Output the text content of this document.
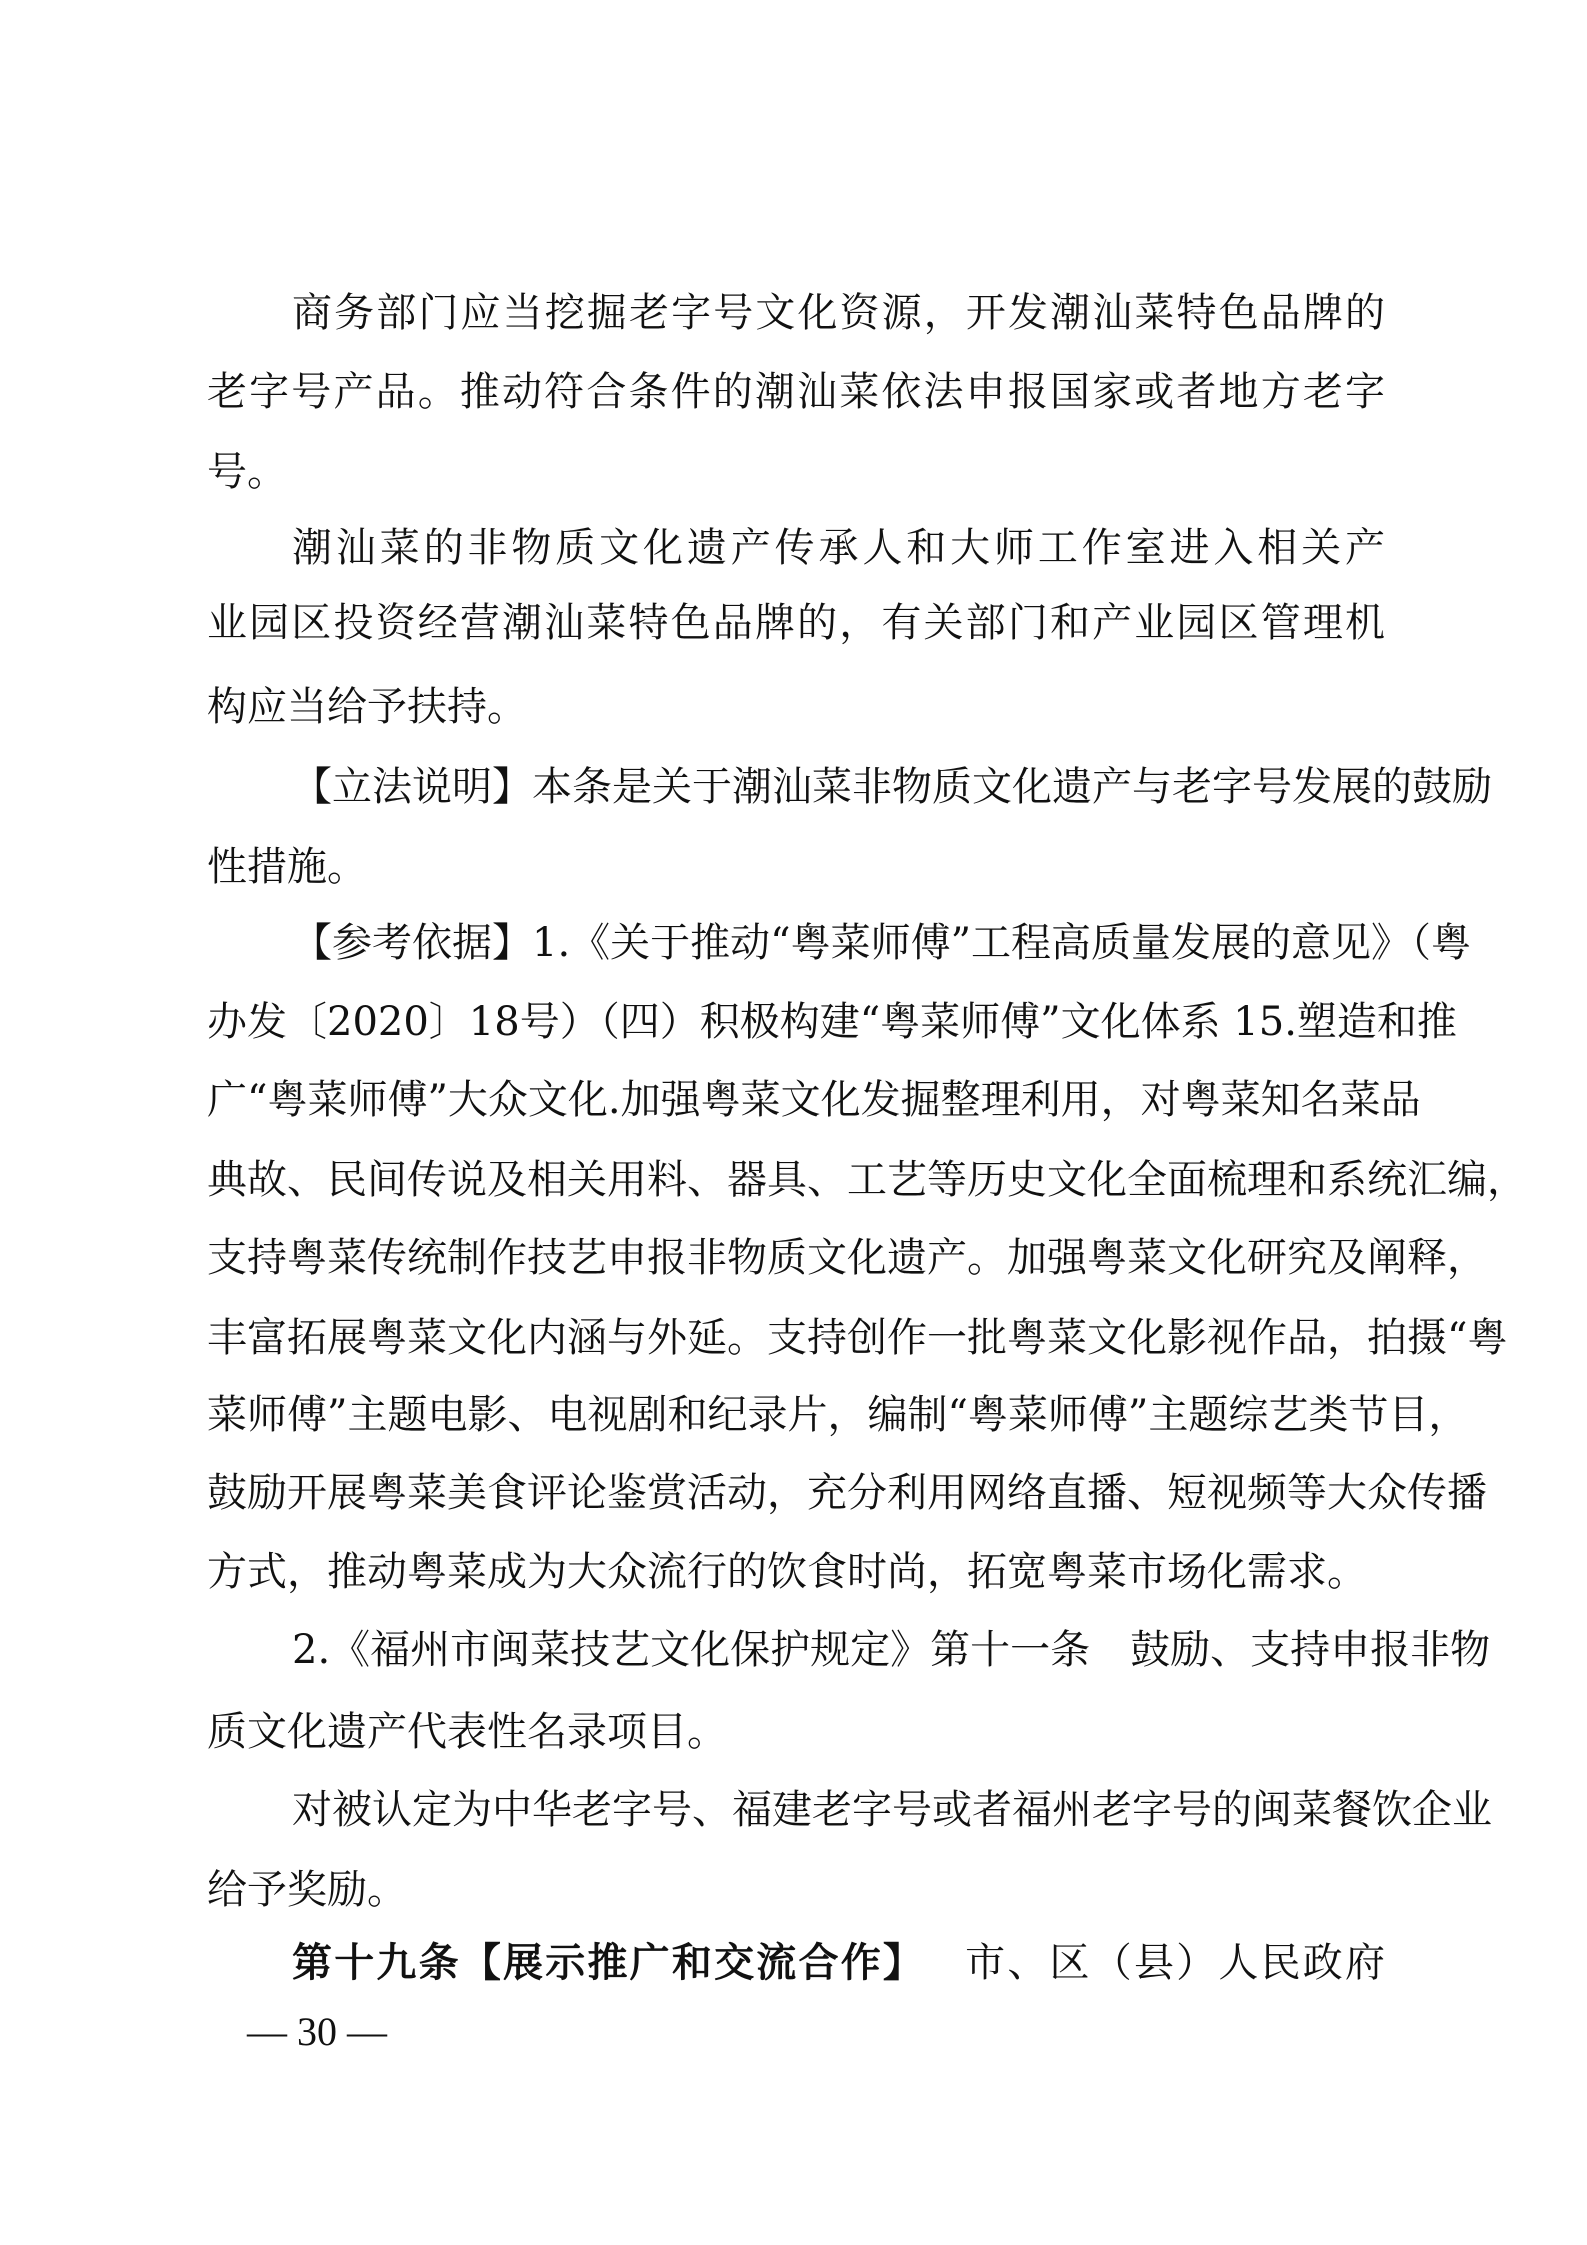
商务部门应当挖掘老字号文化资源，开发潮汕菜特色品牌的
老字号产品。推动符合条件的潮汕菜依法申报国家或者地方老字
号。
潮汕菜的非物质文化遗产传承人和大师工作室进入相关产
业园区投资经营潮汕菜特色品牌的，有关部门和产业园区管理机
构应当给予扶持。
【立法说明】本条是关于潮汕菜非物质文化遗产与老字号发展的鼓励
性措施。
【参考依据】1.《关于推动“粤菜师傅”工程高质量发展的意见》（粤
办发〔2020〕18号）（四）积极构建“粤菜师傅”文化体系 15.塑造和推
广“粤菜师傅”大众文化.加强粤菜文化发掘整理利用，对粤菜知名菜品
典故、民间传说及相关用料、器具、工艺等历史文化全面梳理和系统汇编，
支持粤菜传统制作技艺申报非物质文化遗产。加强粤菜文化研究及阐释，
丰富拓展粤菜文化内涵与外延。支持创作一批粤菜文化影视作品，拍摄“粤
菜师傅”主题电影、电视剧和纪录片，编制“粤菜师傅”主题综艺类节目，
鼓励开展粤菜美食评论鉴赏活动，充分利用网络直播、短视频等大众传播
方式，推动粤菜成为大众流行的饮食时尚，拓宽粤菜市场化需求。
2.《福州市闽菜技艺文化保护规定》第十一条　鼓励、支持申报非物
质文化遗产代表性名录项目。
对被认定为中华老字号、福建老字号或者福州老字号的闽菜餐饮企业
给予奖励。
第十九条【展示推广和交流合作】 市、区（县）人民政府
— 30 —
